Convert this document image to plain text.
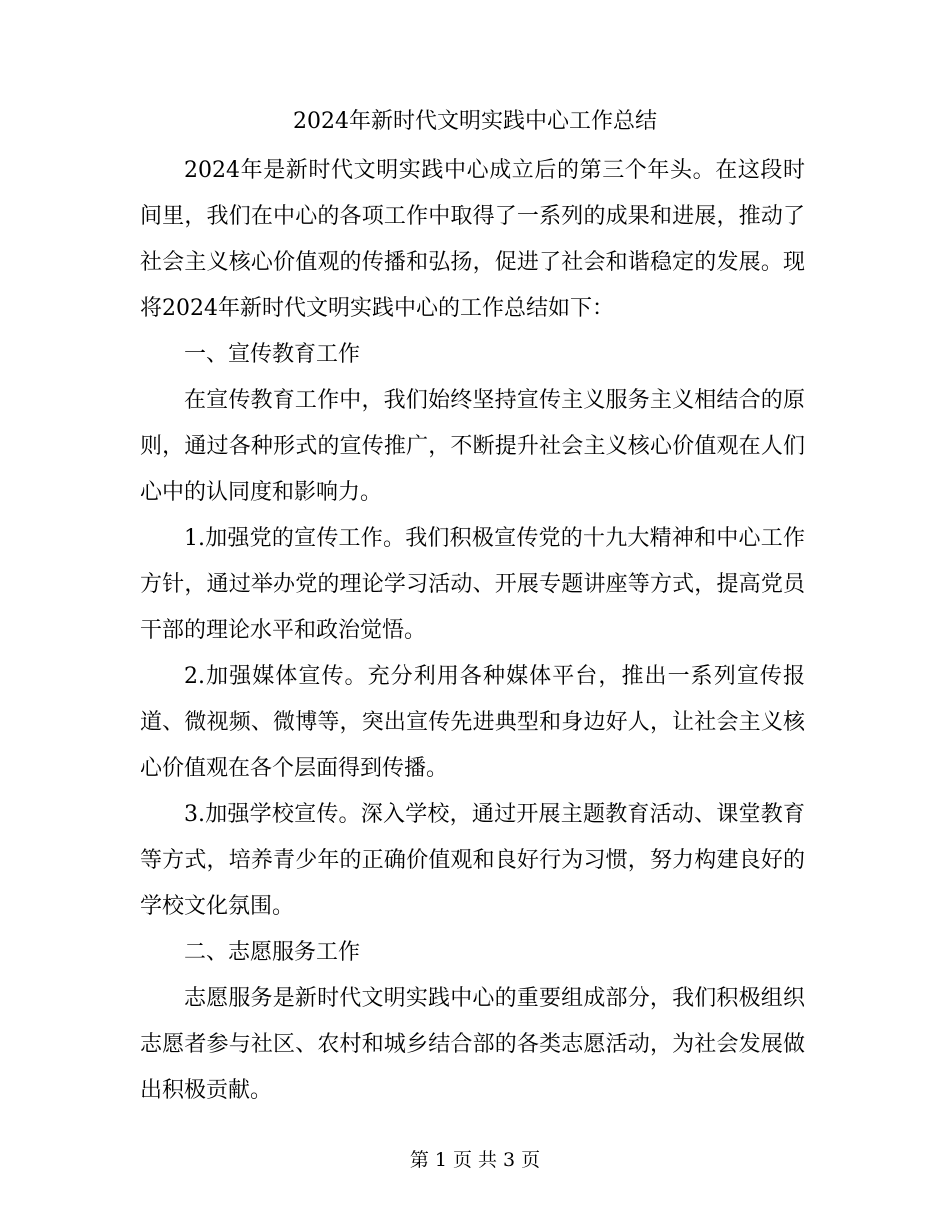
2024年新时代文明实践中心工作总结

2024年是新时代文明实践中心成立后的第三个年头。在这段时间里，我们在中心的各项工作中取得了一系列的成果和进展，推动了社会主义核心价值观的传播和弘扬，促进了社会和谐稳定的发展。现将2024年新时代文明实践中心的工作总结如下：

一、宣传教育工作

在宣传教育工作中，我们始终坚持宣传主义服务主义相结合的原则，通过各种形式的宣传推广，不断提升社会主义核心价值观在人们心中的认同度和影响力。

1.加强党的宣传工作。我们积极宣传党的十九大精神和中心工作方针，通过举办党的理论学习活动、开展专题讲座等方式，提高党员干部的理论水平和政治觉悟。

2.加强媒体宣传。充分利用各种媒体平台，推出一系列宣传报道、微视频、微博等，突出宣传先进典型和身边好人，让社会主义核心价值观在各个层面得到传播。

3.加强学校宣传。深入学校，通过开展主题教育活动、课堂教育等方式，培养青少年的正确价值观和良好行为习惯，努力构建良好的学校文化氛围。

二、志愿服务工作

志愿服务是新时代文明实践中心的重要组成部分，我们积极组织志愿者参与社区、农村和城乡结合部的各类志愿活动，为社会发展做出积极贡献。

第 1 页 共 3 页
